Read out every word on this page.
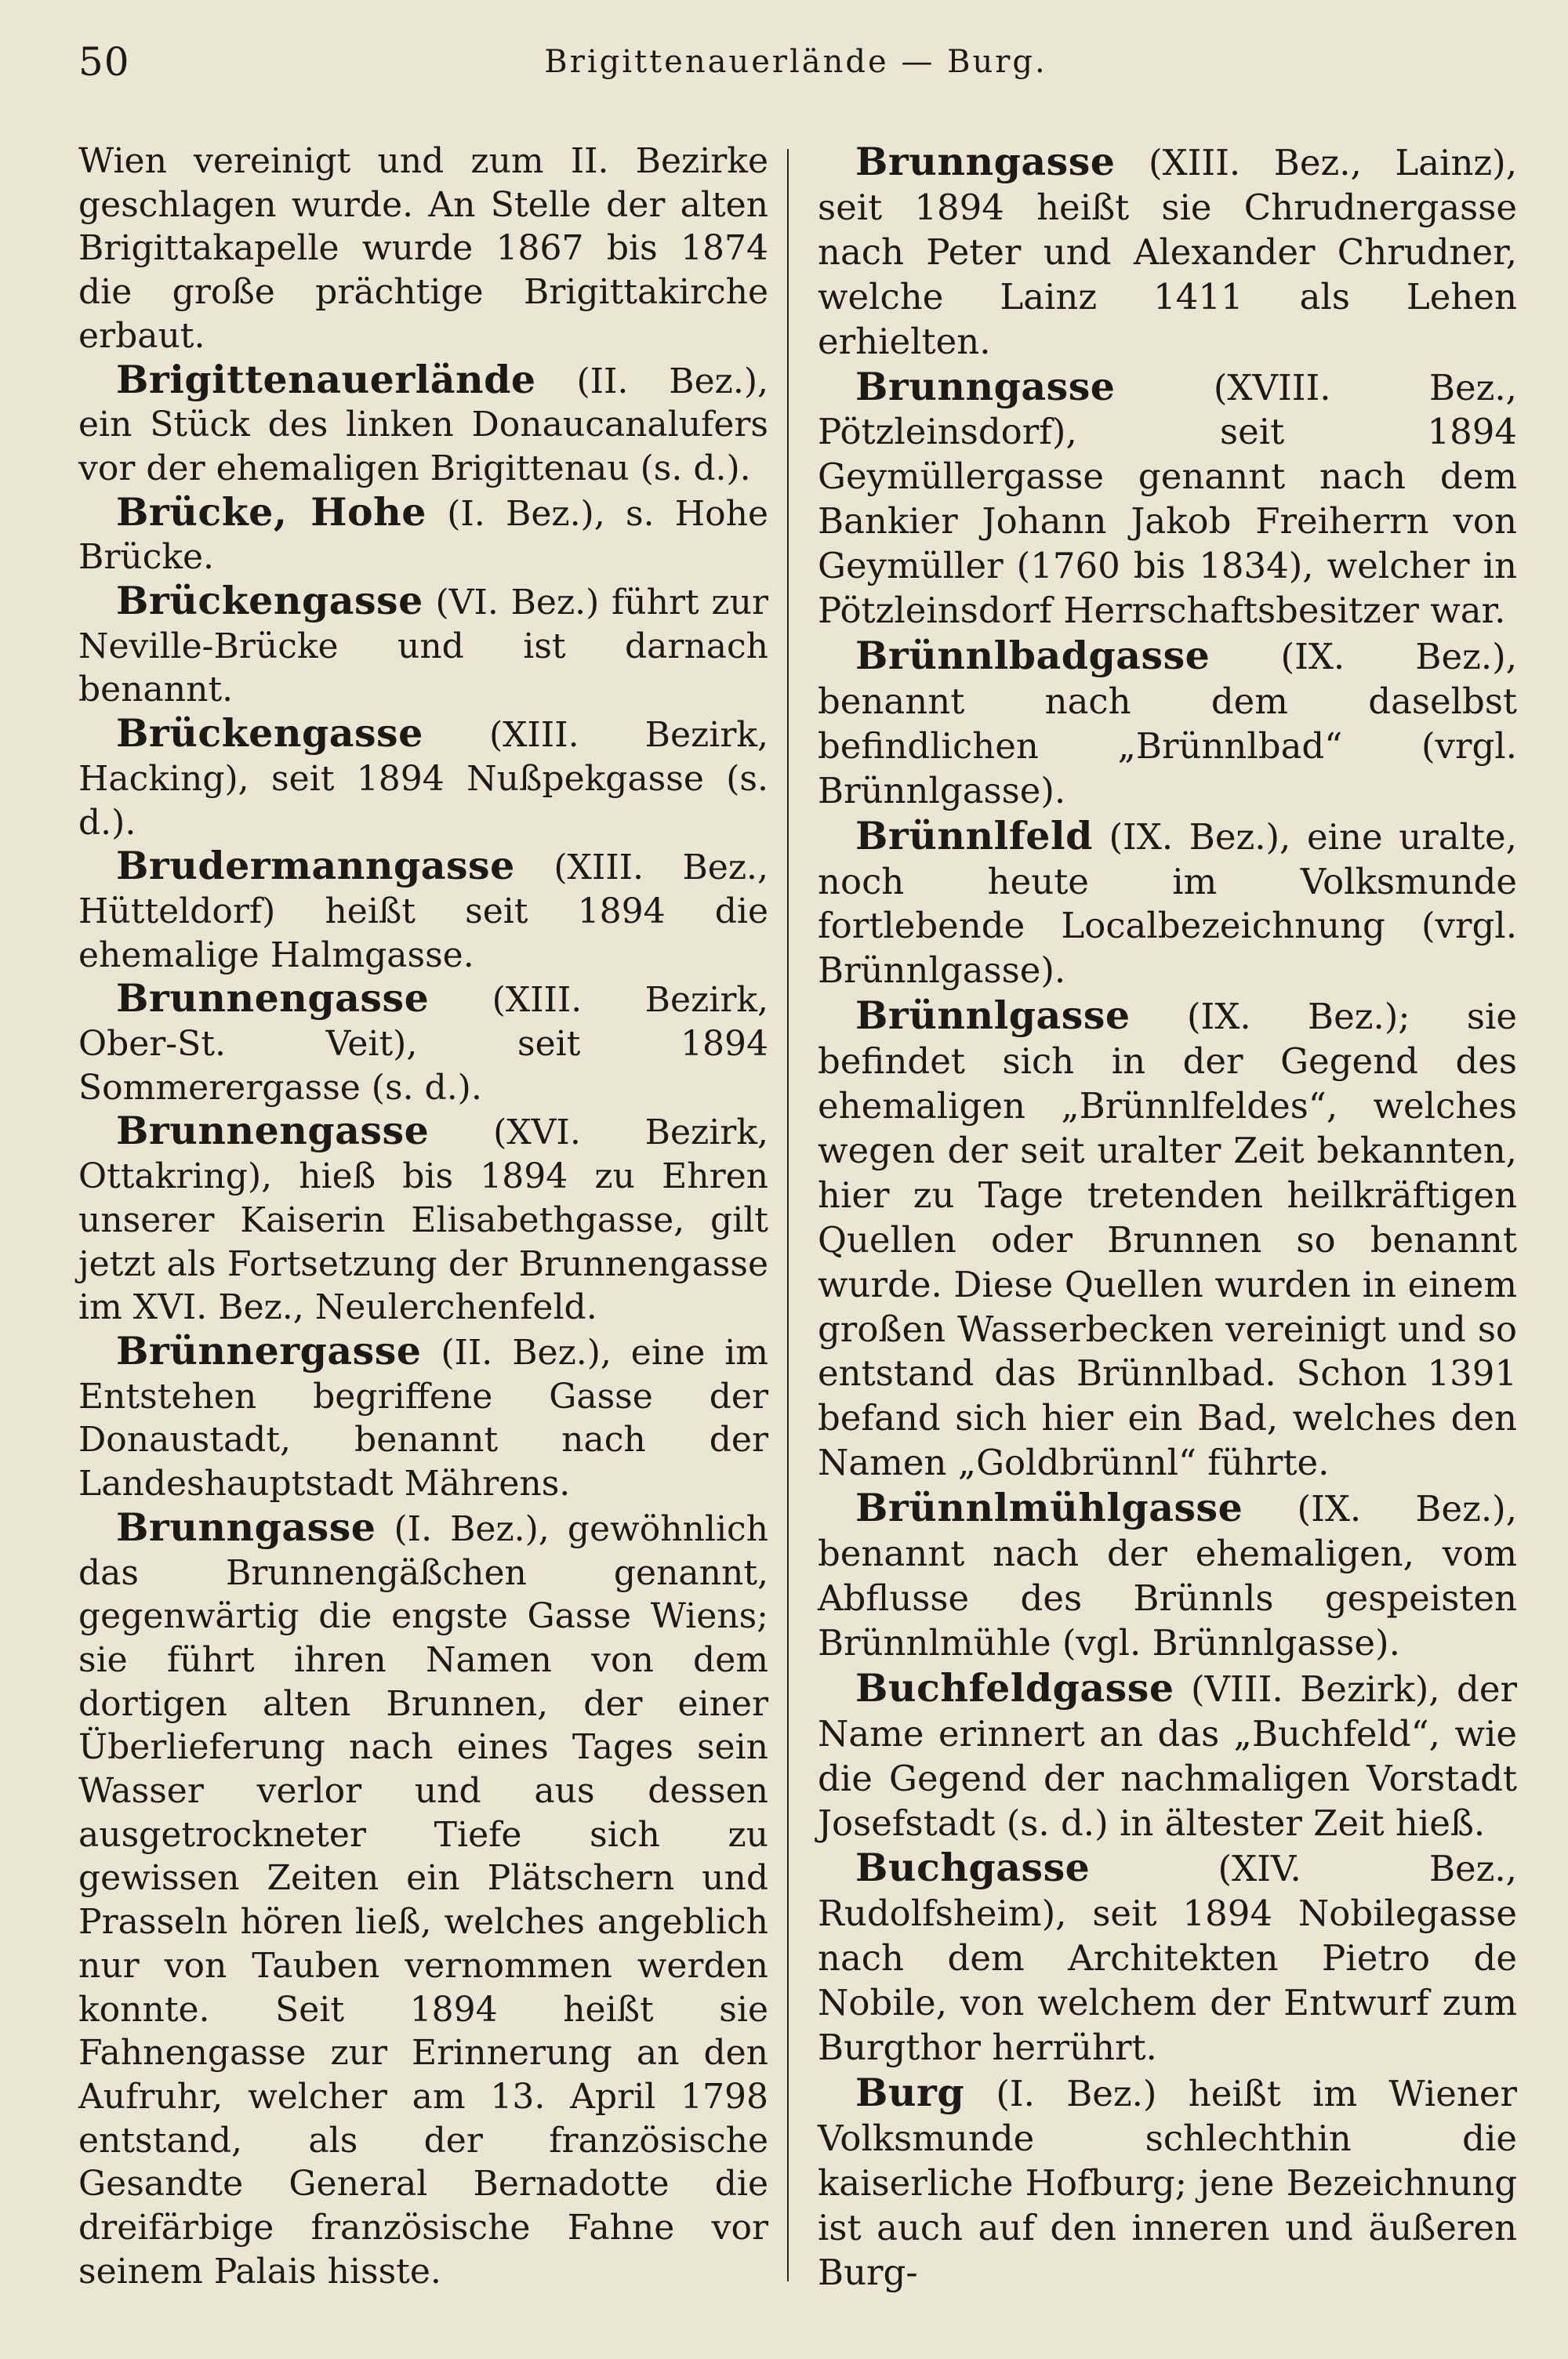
50	Brigittenauerlände — Burg.

Wien vereinigt und zum II. Bezirke geschlagen wurde. An Stelle der alten Brigittakapelle wurde 1867 bis 1874 die große prächtige Brigittakirche erbaut.

Brigittenauerlände (II. Bez.), ein Stück des linken Donaucanalufers vor der ehemaligen Brigittenau (s. d.).

Brücke, Hohe (I. Bez.), s. Hohe Brücke.

Brückengasse (VI. Bez.) führt zur Neville-Brücke und ist darnach benannt.

Brückengasse (XIII. Bezirk, Hacking), seit 1894 Nußpekgasse (s. d.).

Brudermanngasse (XIII. Bez., Hütteldorf) heißt seit 1894 die ehemalige Halmgasse.

Brunnengasse (XIII. Bezirk, Ober-St. Veit), seit 1894 Sommerergasse (s. d.).

Brunnengasse (XVI. Bezirk, Ottakring), hieß bis 1894 zu Ehren unserer Kaiserin Elisabethgasse, gilt jetzt als Fortsetzung der Brunnengasse im XVI. Bez., Neulerchenfeld.

Brünnergasse (II. Bez.), eine im Entstehen begriffene Gasse der Donaustadt, benannt nach der Landeshauptstadt Mährens.

Brunngasse (I. Bez.), gewöhnlich das Brunnengäßchen genannt, gegenwärtig die engste Gasse Wiens; sie führt ihren Namen von dem dortigen alten Brunnen, der einer Überlieferung nach eines Tages sein Wasser verlor und aus dessen ausgetrockneter Tiefe sich zu gewissen Zeiten ein Plätschern und Prasseln hören ließ, welches angeblich nur von Tauben vernommen werden konnte. Seit 1894 heißt sie Fahnengasse zur Erinnerung an den Aufruhr, welcher am 13. April 1798 entstand, als der französische Gesandte General Bernadotte die dreifärbige französische Fahne vor seinem Palais hisste.

Brunngasse (XIII. Bez., Lainz), seit 1894 heißt sie Chrudnergasse nach Peter und Alexander Chrudner, welche Lainz 1411 als Lehen erhielten.

Brunngasse (XVIII. Bez., Pötzleinsdorf), seit 1894 Geymüllergasse genannt nach dem Bankier Johann Jakob Freiherrn von Geymüller (1760 bis 1834), welcher in Pötzleinsdorf Herrschaftsbesitzer war.

Brünnlbadgasse (IX. Bez.), benannt nach dem daselbst befindlichen „Brünnlbad“ (vrgl. Brünnlgasse).

Brünnlfeld (IX. Bez.), eine uralte, noch heute im Volksmunde fortlebende Localbezeichnung (vrgl. Brünnlgasse).

Brünnlgasse (IX. Bez.); sie befindet sich in der Gegend des ehemaligen „Brünnlfeldes“, welches wegen der seit uralter Zeit bekannten, hier zu Tage tretenden heilkräftigen Quellen oder Brunnen so benannt wurde. Diese Quellen wurden in einem großen Wasserbecken vereinigt und so entstand das Brünnlbad. Schon 1391 befand sich hier ein Bad, welches den Namen „Goldbrünnl“ führte.

Brünnlmühlgasse (IX. Bez.), benannt nach der ehemaligen, vom Abflusse des Brünnls gespeisten Brünnlmühle (vgl. Brünnlgasse).

Buchfeldgasse (VIII. Bezirk), der Name erinnert an das „Buchfeld“, wie die Gegend der nachmaligen Vorstadt Josefstadt (s. d.) in ältester Zeit hieß.

Buchgasse (XIV. Bez., Rudolfsheim), seit 1894 Nobilegasse nach dem Architekten Pietro de Nobile, von welchem der Entwurf zum Burgthor herrührt.

Burg (I. Bez.) heißt im Wiener Volksmunde schlechthin die kaiserliche Hofburg; jene Bezeichnung ist auch auf den inneren und äußeren Burg-
